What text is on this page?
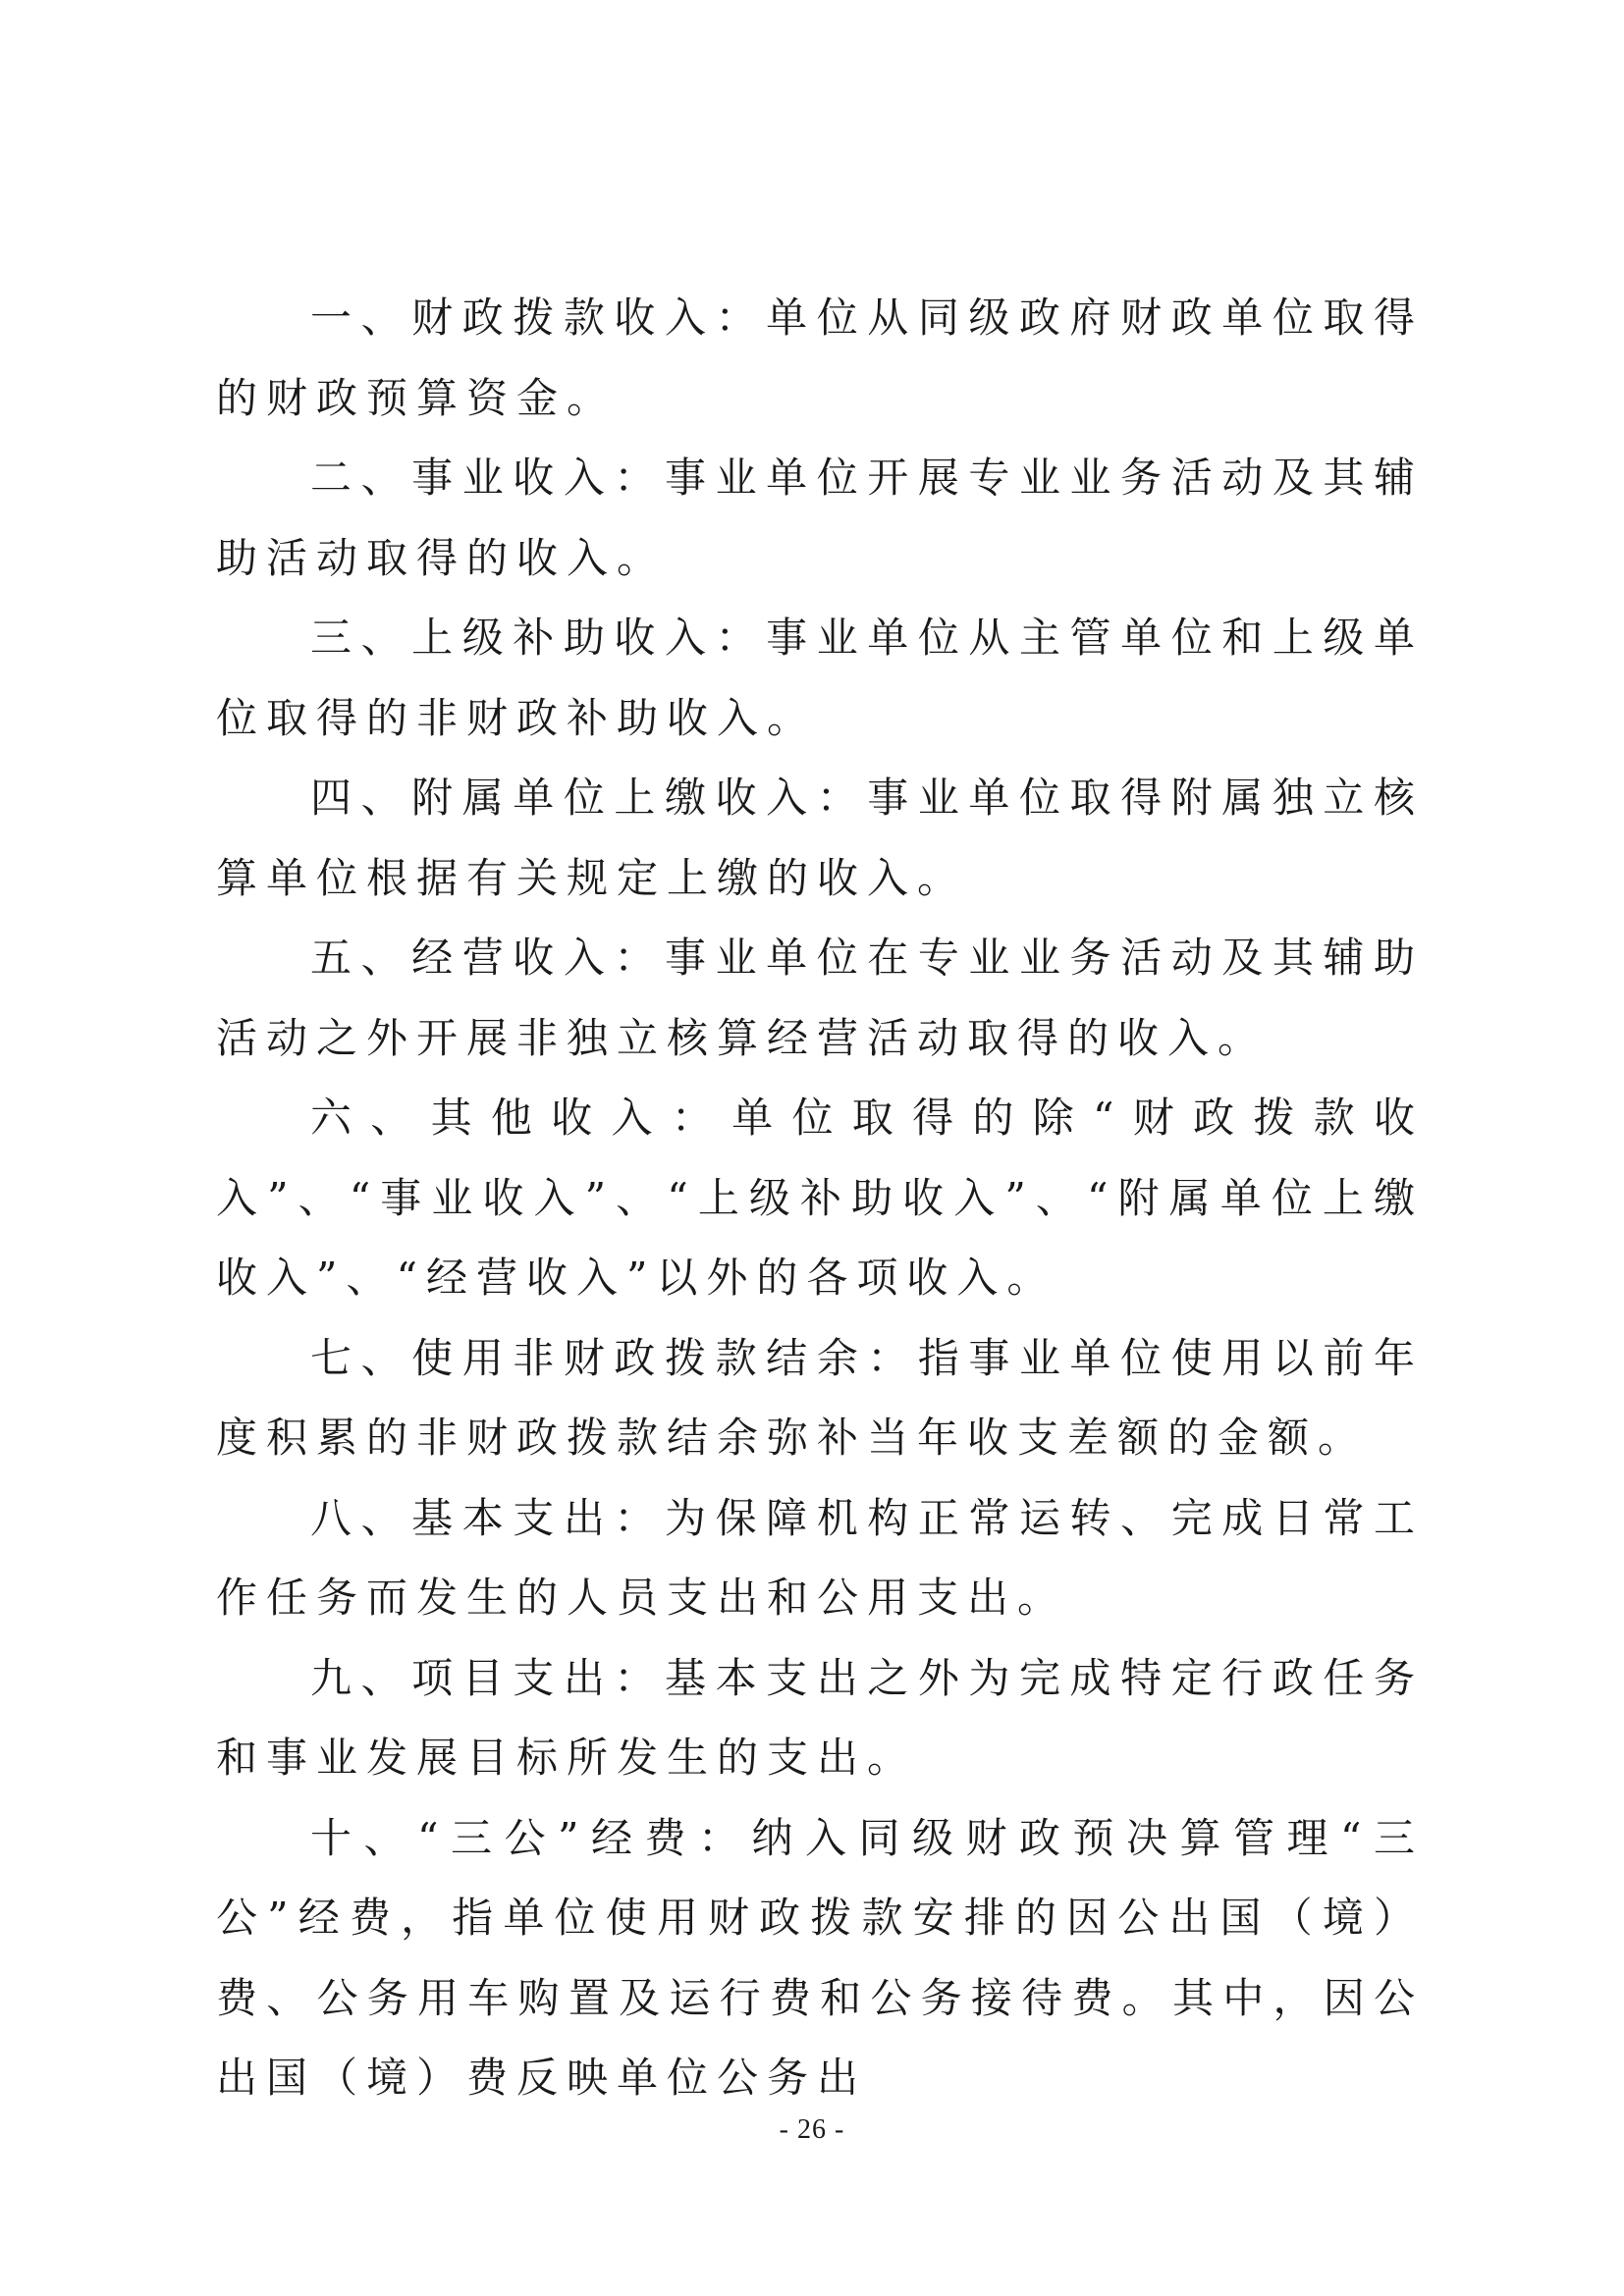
一、财政拨款收入：单位从同级政府财政单位取得的财政预算资金。

二、事业收入：事业单位开展专业业务活动及其辅助活动取得的收入。

三、上级补助收入：事业单位从主管单位和上级单位取得的非财政补助收入。

四、附属单位上缴收入：事业单位取得附属独立核算单位根据有关规定上缴的收入。

五、经营收入：事业单位在专业业务活动及其辅助活动之外开展非独立核算经营活动取得的收入。

六、其他收入：单位取得的除“财政拨款收入”、“事业收入”、“上级补助收入”、“附属单位上缴收入”、“经营收入”以外的各项收入。

七、使用非财政拨款结余：指事业单位使用以前年度积累的非财政拨款结余弥补当年收支差额的金额。

八、基本支出：为保障机构正常运转、完成日常工作任务而发生的人员支出和公用支出。

九、项目支出：基本支出之外为完成特定行政任务和事业发展目标所发生的支出。

十、“三公”经费：纳入同级财政预决算管理“三公”经费，指单位使用财政拨款安排的因公出国（境）费、公务用车购置及运行费和公务接待费。其中，因公出国（境）费反映单位公务出

- 26 -
